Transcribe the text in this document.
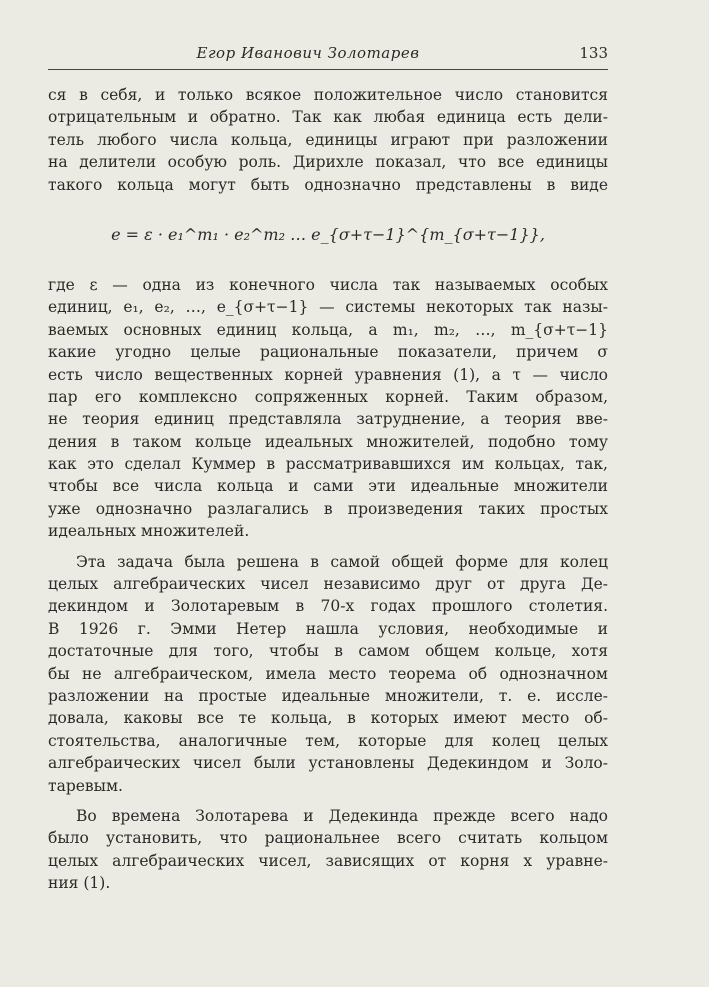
Егор Иванович Золотарев	133
ся в себя, и только всякое положительное число становится
отрицательным и обратно. Так как любая единица есть дели-
тель любого числа кольца, единицы играют при разложении
на делители особую роль. Дирихле показал, что все единицы
такого кольца могут быть однозначно представлены в виде
e = ε · e₁^m₁ · e₂^m₂ … e_{σ+τ−1}^{m_{σ+τ−1}},
где ε — одна из конечного числа так называемых особых
единиц, e₁, e₂, …, e_{σ+τ−1} — системы некоторых так назы-
ваемых основных единиц кольца, а m₁, m₂, …, m_{σ+τ−1}
какие угодно целые рациональные показатели, причем σ
есть число вещественных корней уравнения (1), а τ — число
пар его комплексно сопряженных корней. Таким образом,
не теория единиц представляла затруднение, а теория вве-
дения в таком кольце идеальных множителей, подобно тому
как это сделал Куммер в рассматривавшихся им кольцах, так,
чтобы все числа кольца и сами эти идеальные множители
уже однозначно разлагались в произведения таких простых
идеальных множителей.
Эта задача была решена в самой общей форме для колец
целых алгебраических чисел независимо друг от друга Де-
декиндом и Золотаревым в 70-х годах прошлого столетия.
В 1926 г. Эмми Нетер нашла условия, необходимые и
достаточные для того, чтобы в самом общем кольце, хотя
бы не алгебраическом, имела место теорема об однозначном
разложении на простые идеальные множители, т. е. иссле-
довала, каковы все те кольца, в которых имеют место об-
стоятельства, аналогичные тем, которые для колец целых
алгебраических чисел были установлены Дедекиндом и Золо-
таревым.
Во времена Золотарева и Дедекинда прежде всего надо
было установить, что рациональнее всего считать кольцом
целых алгебраических чисел, зависящих от корня x уравне-
ния (1).
